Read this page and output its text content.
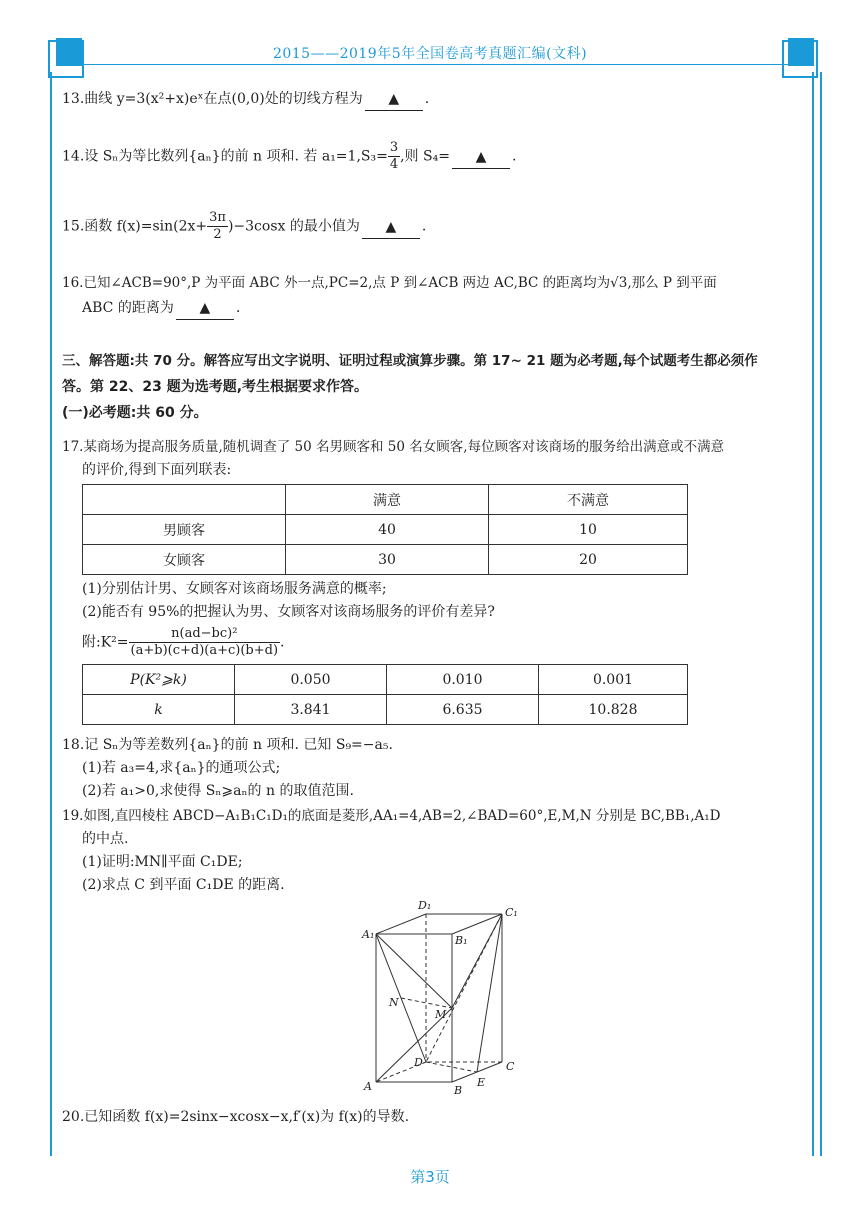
2015——2019年5年全国卷高考真题汇编(文科)
13.曲线 y=3(x²+x)eˣ在点(0,0)处的切线方程为 ▲ .
14.设 Sₙ为等比数列{aₙ}的前 n 项和. 若 $a_1=1,S_3= \frac{3}{4}$ ,则 S₄= ▲ .
15.函数 $f(x)=\sin(2x+ \frac{3\pi}{2} )-3\cos x$ 的最小值为 ▲ .
16.已知∠ACB=90°,P 为平面 ABC 外一点,PC=2,点 P 到∠ACB 两边 AC,BC 的距离均为√3,那么 P 到平面
ABC 的距离为 ▲ .
三、解答题:共 70 分。解答应写出文字说明、证明过程或演算步骤。第 17~ 21 题为必考题,每个试题考生都必须作
答。第 22、23 题为选考题,考生根据要求作答。
(一)必考题:共 60 分。
17.某商场为提高服务质量,随机调查了 50 名男顾客和 50 名女顾客,每位顾客对该商场的服务给出满意或不满意
的评价,得到下面列联表:
	满意	不满意
男顾客	40	10
女顾客	30	20
(1)分别估计男、女顾客对该商场服务满意的概率;
(2)能否有 95%的把握认为男、女顾客对该商场服务的评价有差异?
附:K²= $\frac{\text{n(ad−bc)²}}{(a+b)(c+d)(a+c)(b+d)}$ .
P(K²⩾k)	0.050	0.010	0.001
k	3.841	6.635	10.828
18.记 Sₙ为等差数列{aₙ}的前 n 项和. 已知 S₉=−a₅.
(1)若 a₃=4,求{aₙ}的通项公式;
(2)若 a₁>0,求使得 Sₙ⩾aₙ的 n 的取值范围.
19.如图,直四棱柱 ABCD−A₁B₁C₁D₁的底面是菱形,AA₁=4,AB=2,∠BAD=60°,E,M,N 分别是 BC,BB₁,A₁D
的中点.
(1)证明:MN∥平面 C₁DE;
(2)求点 C 到平面 C₁DE 的距离.
A₁	B₁
C₁
D₁
A	B
C
D
E
M
N
20.已知函数 f(x)=2sinx−xcosx−x,f′(x)为 f(x)的导数.
第3页
